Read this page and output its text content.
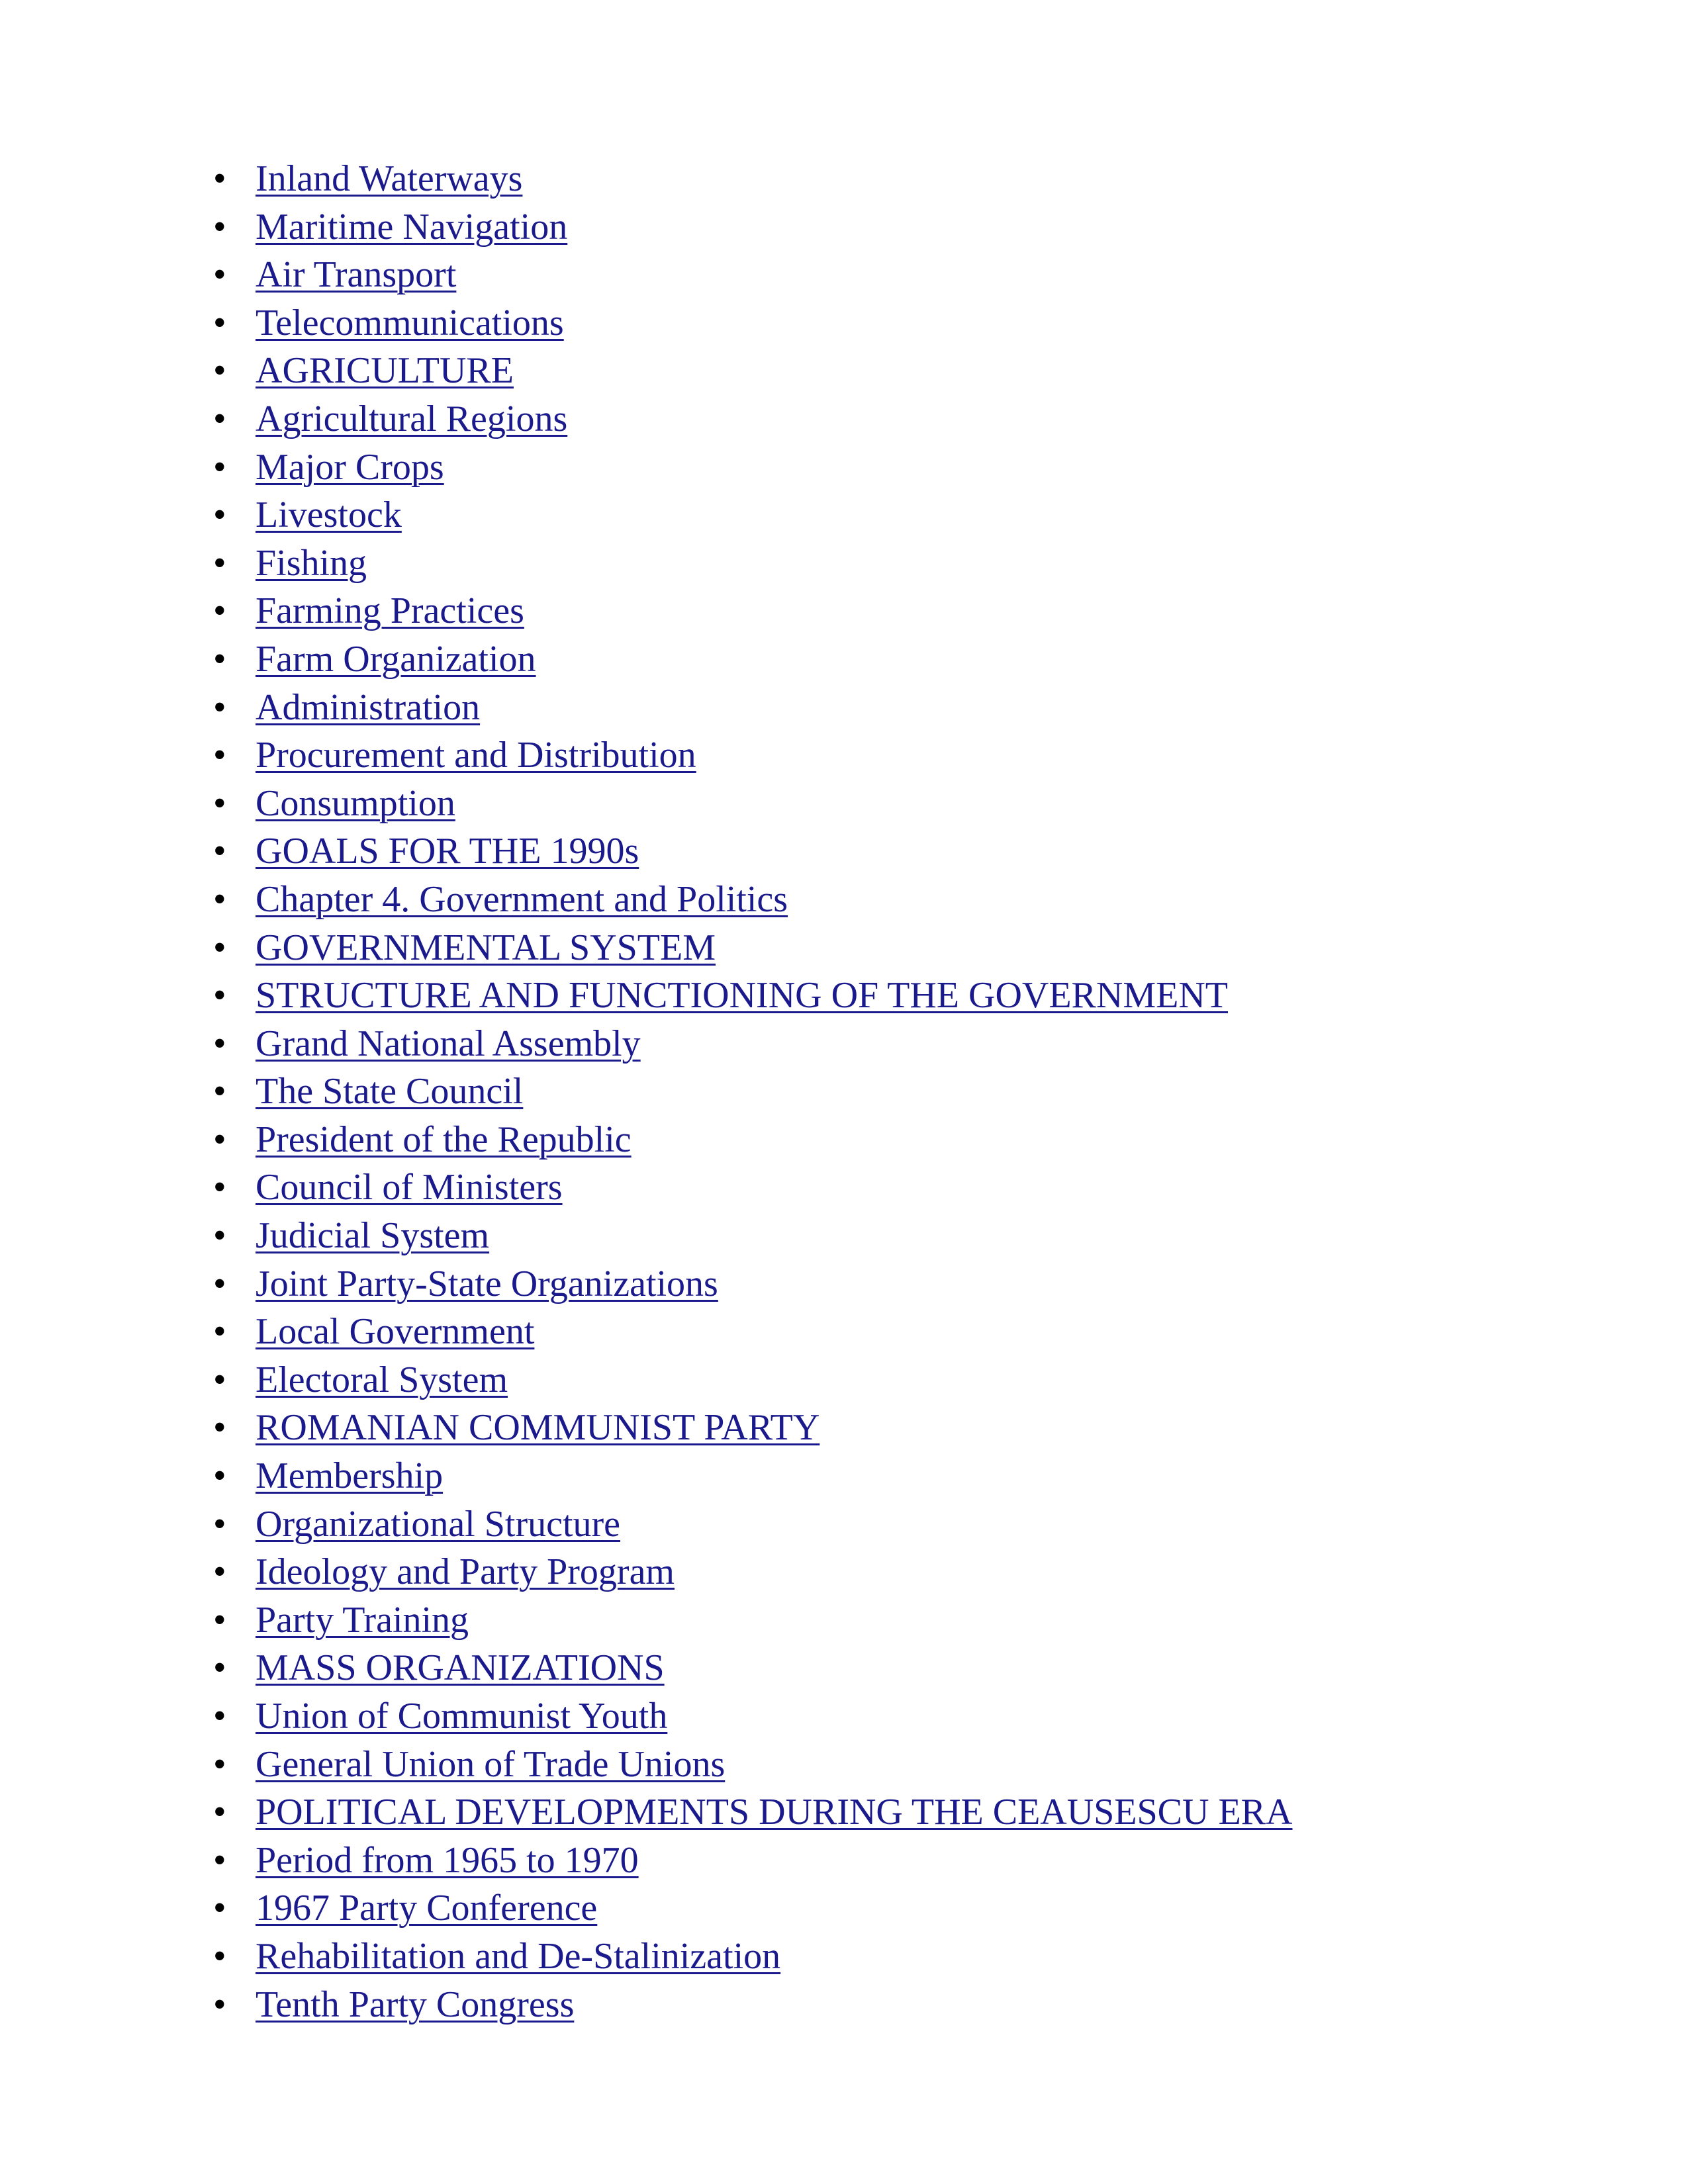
• Inland Waterways
• Maritime Navigation
• Air Transport
• Telecommunications
• AGRICULTURE
• Agricultural Regions
• Major Crops
• Livestock
• Fishing
• Farming Practices
• Farm Organization
• Administration
• Procurement and Distribution
• Consumption
• GOALS FOR THE 1990s
• Chapter 4. Government and Politics
• GOVERNMENTAL SYSTEM
• STRUCTURE AND FUNCTIONING OF THE GOVERNMENT
• Grand National Assembly
• The State Council
• President of the Republic
• Council of Ministers
• Judicial System
• Joint Party-State Organizations
• Local Government
• Electoral System
• ROMANIAN COMMUNIST PARTY
• Membership
• Organizational Structure
• Ideology and Party Program
• Party Training
• MASS ORGANIZATIONS
• Union of Communist Youth
• General Union of Trade Unions
• POLITICAL DEVELOPMENTS DURING THE CEAUSESCU ERA
• Period from 1965 to 1970
• 1967 Party Conference
• Rehabilitation and De-Stalinization
• Tenth Party Congress
